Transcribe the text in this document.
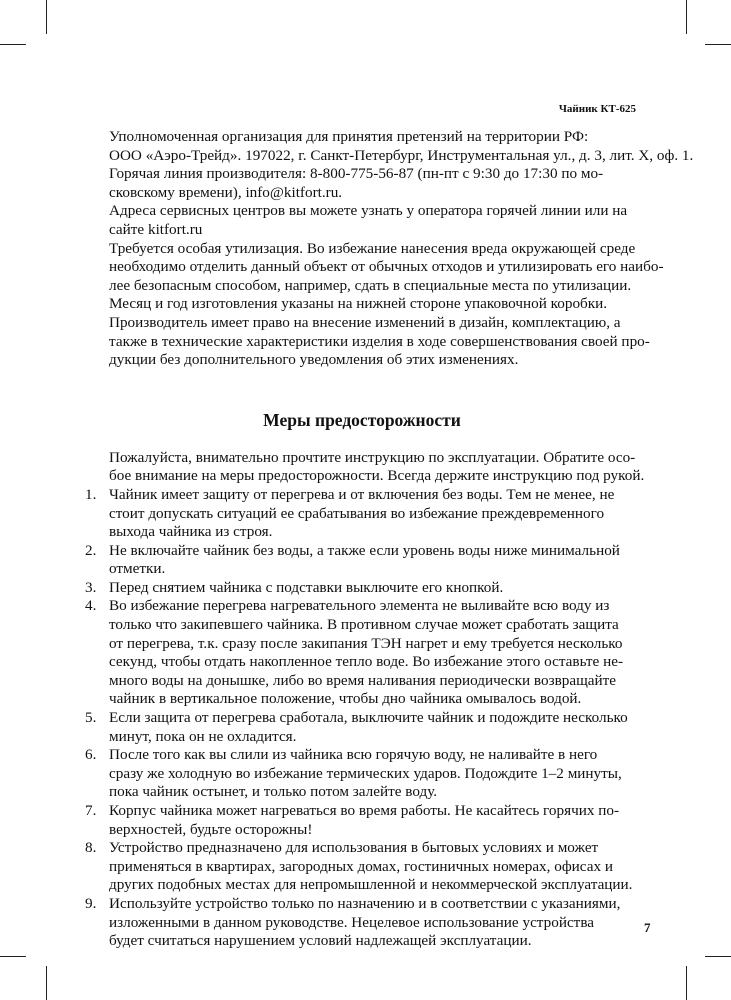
Чайник КТ-625

Уполномоченная организация для принятия претензий на территории РФ:
ООО «Аэро-Трейд». 197022, г. Санкт-Петербург, Инструментальная ул., д. 3, лит. Х, оф. 1.

Горячая линия производителя: 8-800-775-56-87 (пн-пт с 9:30 до 17:30 по мо-
сковскому времени), info@kitfort.ru.

Адреса сервисных центров вы можете узнать у оператора горячей линии или на
сайте kitfort.ru

Требуется особая утилизация. Во избежание нанесения вреда окружающей среде
необходимо отделить данный объект от обычных отходов и утилизировать его наибо-
лее безопасным способом, например, сдать в специальные места по утилизации.

Месяц и год изготовления указаны на нижней стороне упаковочной коробки.

Производитель имеет право на внесение изменений в дизайн, комплектацию, а
также в технические характеристики изделия в ходе совершенствования своей про-
дукции без дополнительного уведомления об этих изменениях.

Меры предосторожности

Пожалуйста, внимательно прочтите инструкцию по эксплуатации. Обратите осо-
бое внимание на меры предосторожности. Всегда держите инструкцию под рукой.

1. Чайник имеет защиту от перегрева и от включения без воды. Тем не менее, не
стоит допускать ситуаций ее срабатывания во избежание преждевременного
выхода чайника из строя.
2. Не включайте чайник без воды, а также если уровень воды ниже минимальной
отметки.
3. Перед снятием чайника с подставки выключите его кнопкой.
4. Во избежание перегрева нагревательного элемента не выливайте всю воду из
только что закипевшего чайника. В противном случае может сработать защита
от перегрева, т.к. сразу после закипания ТЭН нагрет и ему требуется несколько
секунд, чтобы отдать накопленное тепло воде. Во избежание этого оставьте не-
много воды на донышке, либо во время наливания периодически возвращайте
чайник в вертикальное положение, чтобы дно чайника омывалось водой.
5. Если защита от перегрева сработала, выключите чайник и подождите несколько
минут, пока он не охладится.
6. После того как вы слили из чайника всю горячую воду, не наливайте в него
сразу же холодную во избежание термических ударов. Подождите 1–2 минуты,
пока чайник остынет, и только потом залейте воду.
7. Корпус чайника может нагреваться во время работы. Не касайтесь горячих по-
верхностей, будьте осторожны!
8. Устройство предназначено для использования в бытовых условиях и может
применяться в квартирах, загородных домах, гостиничных номерах, офисах и
других подобных местах для непромышленной и некоммерческой эксплуатации.
9. Используйте устройство только по назначению и в соответствии с указаниями,
изложенными в данном руководстве. Нецелевое использование устройства
будет считаться нарушением условий надлежащей эксплуатации.
7
